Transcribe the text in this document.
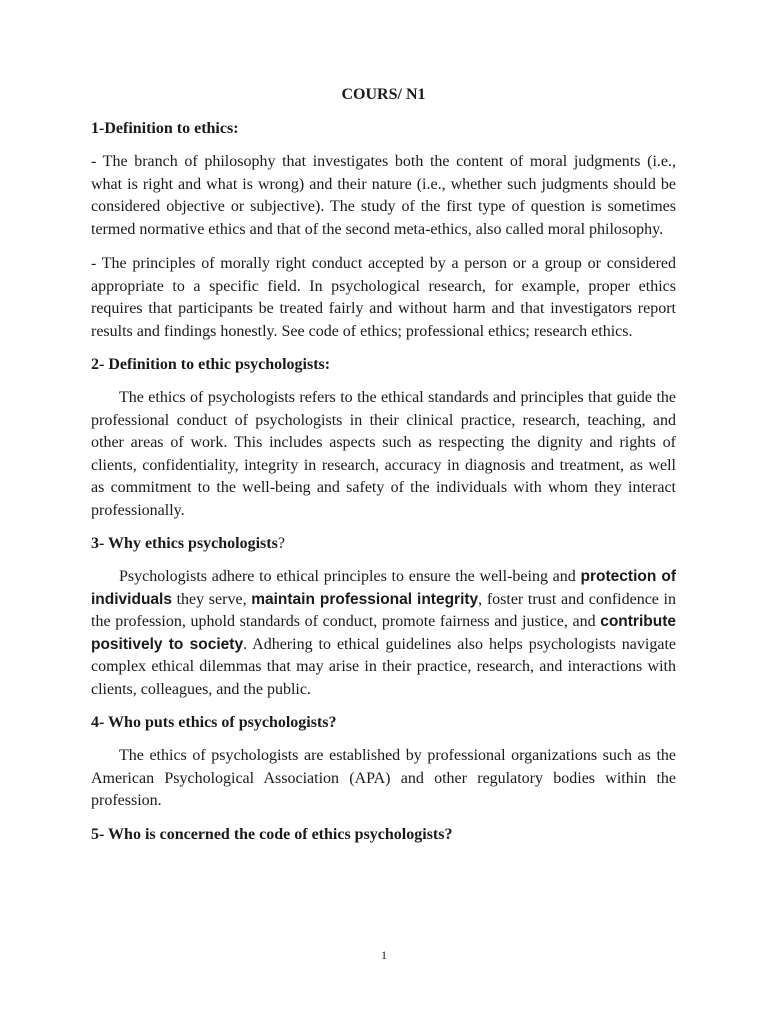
COURS/ N1
1-Definition to ethics:

- The branch of philosophy that investigates both the content of moral judgments (i.e., what is right and what is wrong) and their nature (i.e., whether such judgments should be considered objective or subjective). The study of the first type of question is sometimes termed normative ethics and that of the second meta-ethics, also called moral philosophy.

- The principles of morally right conduct accepted by a person or a group or considered appropriate to a specific field. In psychological research, for example, proper ethics requires that participants be treated fairly and without harm and that investigators report results and findings honestly. See code of ethics; professional ethics; research ethics.

2- Definition to ethic psychologists:

The ethics of psychologists refers to the ethical standards and principles that guide the professional conduct of psychologists in their clinical practice, research, teaching, and other areas of work. This includes aspects such as respecting the dignity and rights of clients, confidentiality, integrity in research, accuracy in diagnosis and treatment, as well as commitment to the well-being and safety of the individuals with whom they interact professionally.

3- Why ethics psychologists?

Psychologists adhere to ethical principles to ensure the well-being and protection of individuals they serve, maintain professional integrity, foster trust and confidence in the profession, uphold standards of conduct, promote fairness and justice, and contribute positively to society. Adhering to ethical guidelines also helps psychologists navigate complex ethical dilemmas that may arise in their practice, research, and interactions with clients, colleagues, and the public.

4- Who puts ethics of psychologists?

The ethics of psychologists are established by professional organizations such as the American Psychological Association (APA) and other regulatory bodies within the profession.

5- Who is concerned the code of ethics psychologists?
1
